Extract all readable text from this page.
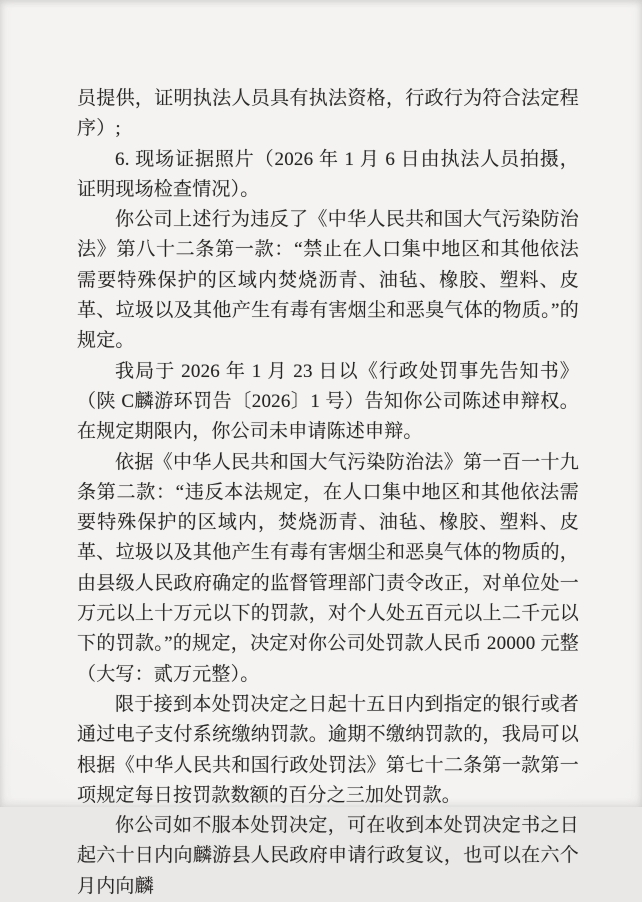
员提供，证明执法人员具有执法资格，行政行为符合法定程序）;

6. 现场证据照片（2026 年 1 月 6 日由执法人员拍摄，证明现场检查情况）。

你公司上述行为违反了《中华人民共和国大气污染防治法》第八十二条第一款：“禁止在人口集中地区和其他依法需要特殊保护的区域内焚烧沥青、油毡、橡胶、塑料、皮革、垃圾以及其他产生有毒有害烟尘和恶臭气体的物质。”的规定。

我局于 2026 年 1 月 23 日以《行政处罚事先告知书》（陕 C麟游环罚告〔2026〕1 号）告知你公司陈述申辩权。在规定期限内，你公司未申请陈述申辩。

依据《中华人民共和国大气污染防治法》第一百一十九条第二款：“违反本法规定，在人口集中地区和其他依法需要特殊保护的区域内，焚烧沥青、油毡、橡胶、塑料、皮革、垃圾以及其他产生有毒有害烟尘和恶臭气体的物质的，由县级人民政府确定的监督管理部门责令改正，对单位处一万元以上十万元以下的罚款，对个人处五百元以上二千元以下的罚款。”的规定，决定对你公司处罚款人民币 20000 元整（大写：贰万元整）。

限于接到本处罚决定之日起十五日内到指定的银行或者通过电子支付系统缴纳罚款。逾期不缴纳罚款的，我局可以根据《中华人民共和国行政处罚法》第七十二条第一款第一项规定每日按罚款数额的百分之三加处罚款。

你公司如不服本处罚决定，可在收到本处罚决定书之日起六十日内向麟游县人民政府申请行政复议，也可以在六个月内向麟
